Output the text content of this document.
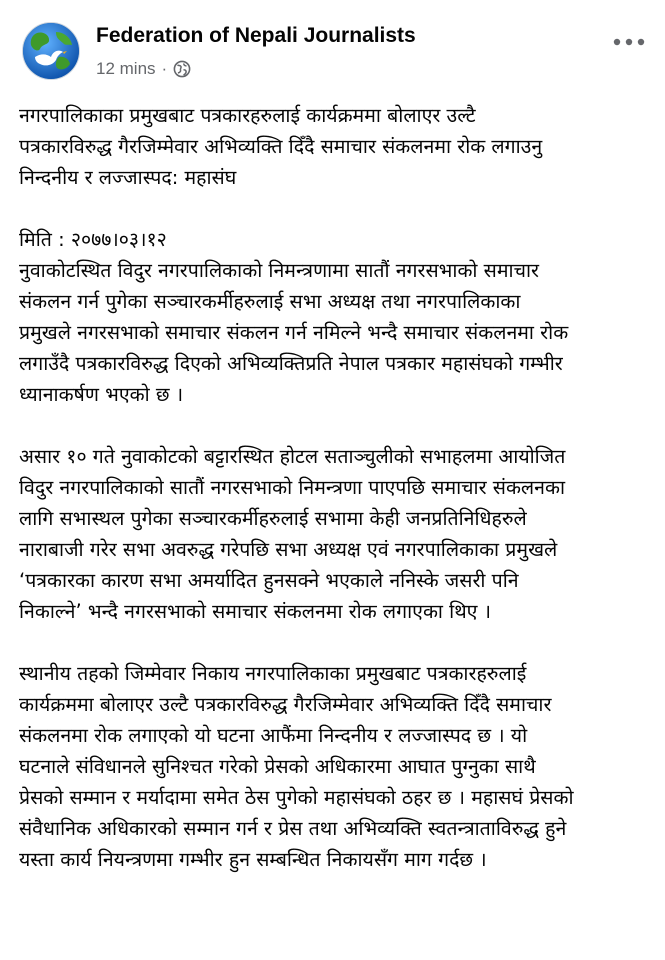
Federation of Nepali Journalists
12 mins ·

नगरपालिकाका प्रमुखबाट पत्रकारहरुलाई कार्यक्रममा बोलाएर उल्टै

पत्रकारविरुद्ध गैरजिम्मेवार अभिव्यक्ति दिँदै समाचार संकलनमा रोक लगाउनु

निन्दनीय र लज्जास्पद: महासंघ

मिति : २०७७।०३।१२

नुवाकोटस्थित विदुर नगरपालिकाको निमन्त्रणामा सातौं नगरसभाको समाचार

संकलन गर्न पुगेका सञ्चारकर्मीहरुलाई सभा अध्यक्ष तथा नगरपालिकाका

प्रमुखले नगरसभाको समाचार संकलन गर्न नमिल्ने भन्दै समाचार संकलनमा रोक

लगाउँदै पत्रकारविरुद्ध दिएको अभिव्यक्तिप्रति नेपाल पत्रकार महासंघको गम्भीर

ध्यानाकर्षण भएको छ ।

असार १० गते नुवाकोटको बट्टारस्थित होटल सताञ्चुलीको सभाहलमा आयोजित

विदुर नगरपालिकाको सातौं नगरसभाको निमन्त्रणा पाएपछि समाचार संकलनका

लागि सभास्थल पुगेका सञ्चारकर्मीहरुलाई सभामा केही जनप्रतिनिधिहरुले

नाराबाजी गरेर सभा अवरुद्ध गरेपछि सभा अध्यक्ष एवं नगरपालिकाका प्रमुखले

‘पत्रकारका कारण सभा अमर्यादित हुनसक्ने भएकाले ननिस्के जसरी पनि

निकाल्ने’ भन्दै नगरसभाको समाचार संकलनमा रोक लगाएका थिए ।

स्थानीय तहको जिम्मेवार निकाय नगरपालिकाका प्रमुखबाट पत्रकारहरुलाई

कार्यक्रममा बोलाएर उल्टै पत्रकारविरुद्ध गैरजिम्मेवार अभिव्यक्ति दिँदै समाचार

संकलनमा रोक लगाएको यो घटना आफैंमा निन्दनीय र लज्जास्पद छ । यो

घटनाले संविधानले सुनिश्चत गरेको प्रेसको अधिकारमा आघात पुग्नुका साथै

प्रेसको सम्मान र मर्यादामा समेत ठेस पुगेको महासंघको ठहर छ । महासघं प्रेसको

संवैधानिक अधिकारको सम्मान गर्न र प्रेस तथा अभिव्यक्ति स्वतन्त्राताविरुद्ध हुने

यस्ता कार्य नियन्त्रणमा गम्भीर हुन सम्बन्धित निकायसँग माग गर्दछ ।
